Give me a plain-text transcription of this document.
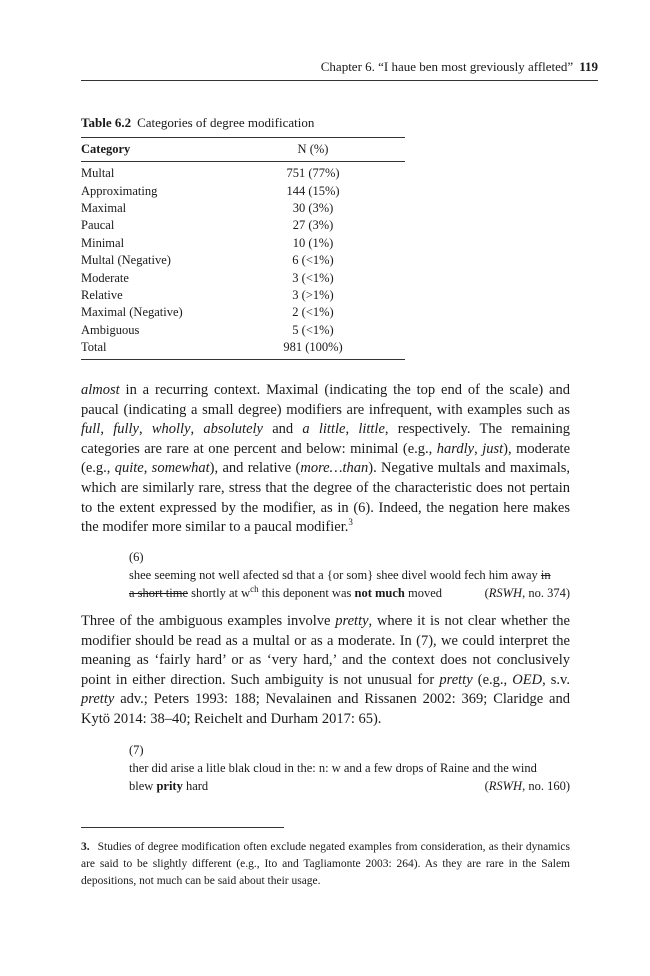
Chapter 6. “I haue ben most greviously affleted” 119
Table 6.2 Categories of degree modification
Category	N (%)
Multal	751 (77%)
Approximating	144 (15%)
Maximal	30 (3%)
Paucal	27 (3%)
Minimal	10 (1%)
Multal (Negative)	6 (<1%)
Moderate	3 (<1%)
Relative	3 (>1%)
Maximal (Negative)	2 (<1%)
Ambiguous	5 (<1%)
Total	981 (100%)
almost in a recurring context. Maximal (indicating the top end of the scale) and paucal (indicating a small degree) modifiers are infrequent, with examples such as full, fully, wholly, absolutely and a little, little, respectively. The remaining categories are rare at one percent and below: minimal (e.g., hardly, just), moderate (e.g., quite, somewhat), and relative (more…than). Negative multals and maximals, which are similarly rare, stress that the degree of the characteristic does not pertain to the extent expressed by the modifier, as in (6). Indeed, the negation here makes the modifer more similar to a paucal modifier.$^3$
(6)
shee seeming not well afected sd that a {or som} shee divel woold fech him away in
a short time shortly at $w^{ch}$ this deponent was not much moved	(RSWH, no. 374)
Three of the ambiguous examples involve pretty, where it is not clear whether the modifier should be read as a multal or as a moderate. In (7), we could interpret the meaning as ‘fairly hard’ or as ‘very hard,’ and the context does not conclusively point in either direction. Such ambiguity is not unusual for pretty (e.g., OED, s.v. pretty adv.; Peters 1993: 188; Nevalainen and Rissanen 2002: 369; Claridge and Kytö 2014: 38–40; Reichelt and Durham 2017: 65).
(7)
ther did arise a litle blak cloud in the: n: w and a few drops of Raine and the wind
blew prity hard	(RSWH, no. 160)
3. Studies of degree modification often exclude negated examples from consideration, as their dynamics are said to be slightly different (e.g., Ito and Tagliamonte 2003: 264). As they are rare in the Salem depositions, not much can be said about their usage.
